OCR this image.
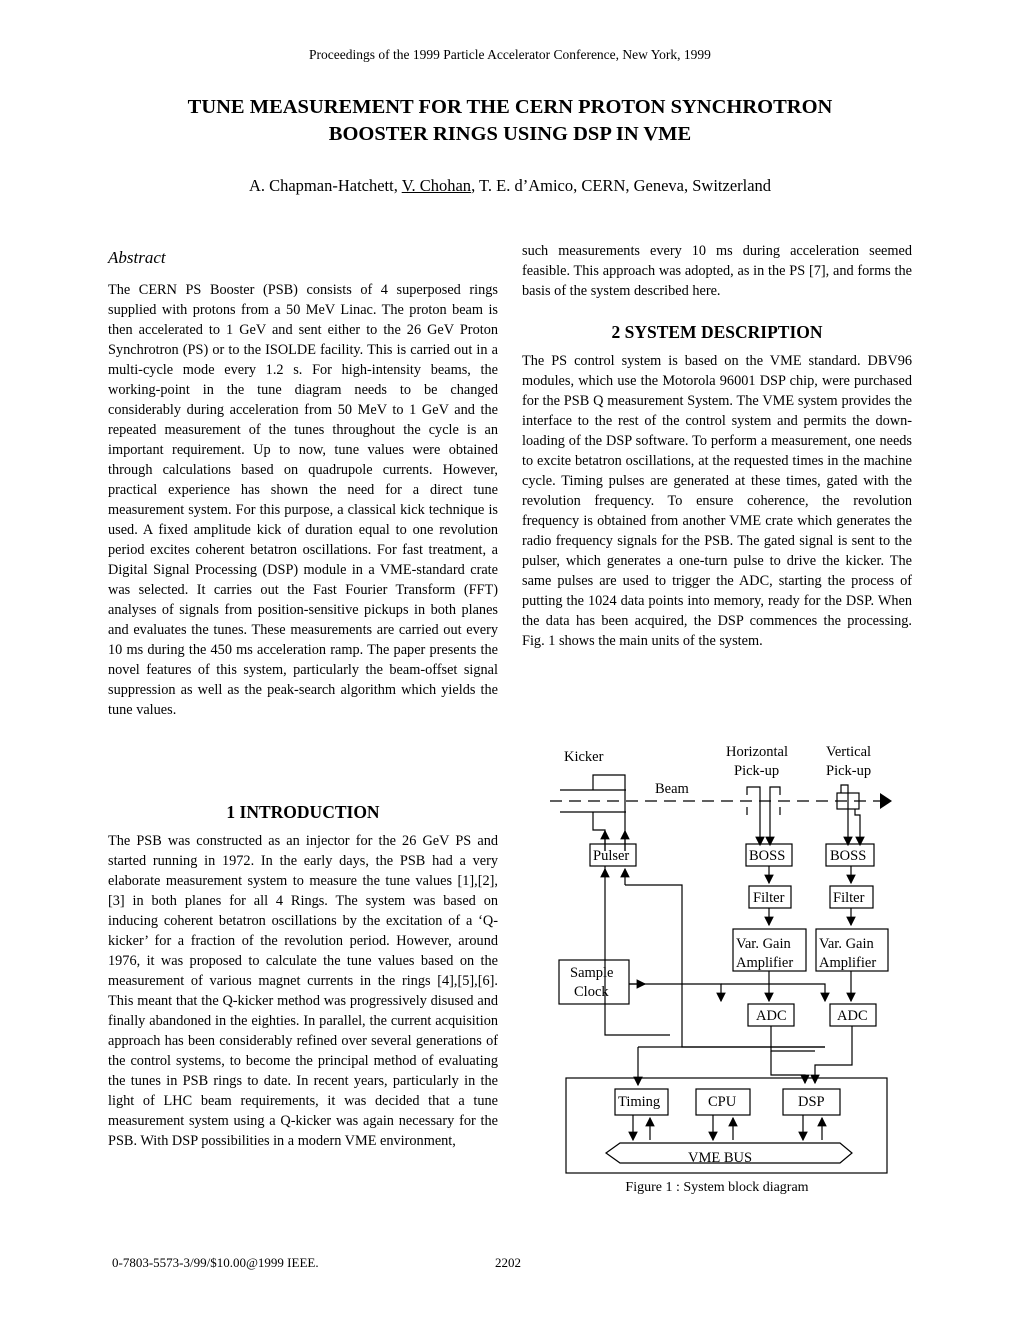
Proceedings of the 1999 Particle Accelerator Conference, New York, 1999
TUNE MEASUREMENT FOR THE CERN PROTON SYNCHROTRON
BOOSTER RINGS USING DSP IN VME
A. Chapman-Hatchett, V. Chohan, T. E. d’Amico, CERN, Geneva, Switzerland
Abstract

The CERN PS Booster (PSB) consists of 4 superposed rings supplied with protons from a 50 MeV Linac. The proton beam is then accelerated to 1 GeV and sent either to the 26 GeV Proton Synchrotron (PS) or to the ISOLDE facility. This is carried out in a multi-cycle mode every 1.2 s. For high-intensity beams, the working-point in the tune diagram needs to be changed considerably during acceleration from 50 MeV to 1 GeV and the repeated measurement of the tunes throughout the cycle is an important requirement. Up to now, tune values were obtained through calculations based on quadrupole currents. However, practical experience has shown the need for a direct tune measurement system. For this purpose, a classical kick technique is used. A fixed amplitude kick of duration equal to one revolution period excites coherent betatron oscillations. For fast treatment, a Digital Signal Processing (DSP) module in a VME-standard crate was selected. It carries out the Fast Fourier Transform (FFT) analyses of signals from position-sensitive pickups in both planes and evaluates the tunes. These measurements are carried out every 10 ms during the 450 ms acceleration ramp. The paper presents the novel features of this system, particularly the beam-offset signal suppression as well as the peak-search algorithm which yields the tune values.

1 INTRODUCTION

The PSB was constructed as an injector for the 26 GeV PS and started running in 1972. In the early days, the PSB had a very elaborate measurement system to measure the tune values [1],[2],[3] in both planes for all 4 Rings. The system was based on inducing coherent betatron oscillations by the excitation of a ‘Q-kicker’ for a fraction of the revolution period. However, around 1976, it was proposed to calculate the tune values based on the measurement of various magnet currents in the rings [4],[5],[6]. This meant that the Q-kicker method was progressively disused and finally abandoned in the eighties. In parallel, the current acquisition approach has been considerably refined over several generations of the control systems, to become the principal method of evaluating the tunes in PSB rings to date. In recent years, particularly in the light of LHC beam requirements, it was decided that a tune measurement system using a Q-kicker was again necessary for the PSB. With DSP possibilities in a modern VME environment,

such measurements every 10 ms during acceleration seemed feasible. This approach was adopted, as in the PS [7], and forms the basis of the system described here.

2 SYSTEM DESCRIPTION

The PS control system is based on the VME standard. DBV96 modules, which use the Motorola 96001 DSP chip, were purchased for the PSB Q measurement System. The VME system provides the interface to the rest of the control system and permits the down-loading of the DSP software. To perform a measurement, one needs to excite betatron oscillations, at the requested times in the machine cycle. Timing pulses are generated at these times, gated with the revolution frequency. To ensure coherence, the revolution frequency is obtained from another VME crate which generates the radio frequency signals for the PSB. The gated signal is sent to the pulser, which generates a one-turn pulse to drive the kicker. The same pulses are used to trigger the ADC, starting the process of putting the 1024 data points into memory, ready for the DSP. When the data has been acquired, the DSP commences the processing. Fig. 1 shows the main units of the system.

Kicker	Horizontal	Vertical
Pick-up	Pick-up
Beam
Pulser	BOSS	BOSS
Filter	Filter
Var. Gain
Amplifier
Var. Gain
Amplifier
Sample
Clock
ADC	ADC
Timing	CPU	DSP
VME BUS
Figure 1 : System block diagram
0-7803-5573-3/99/$10.00@1999 IEEE.	2202
